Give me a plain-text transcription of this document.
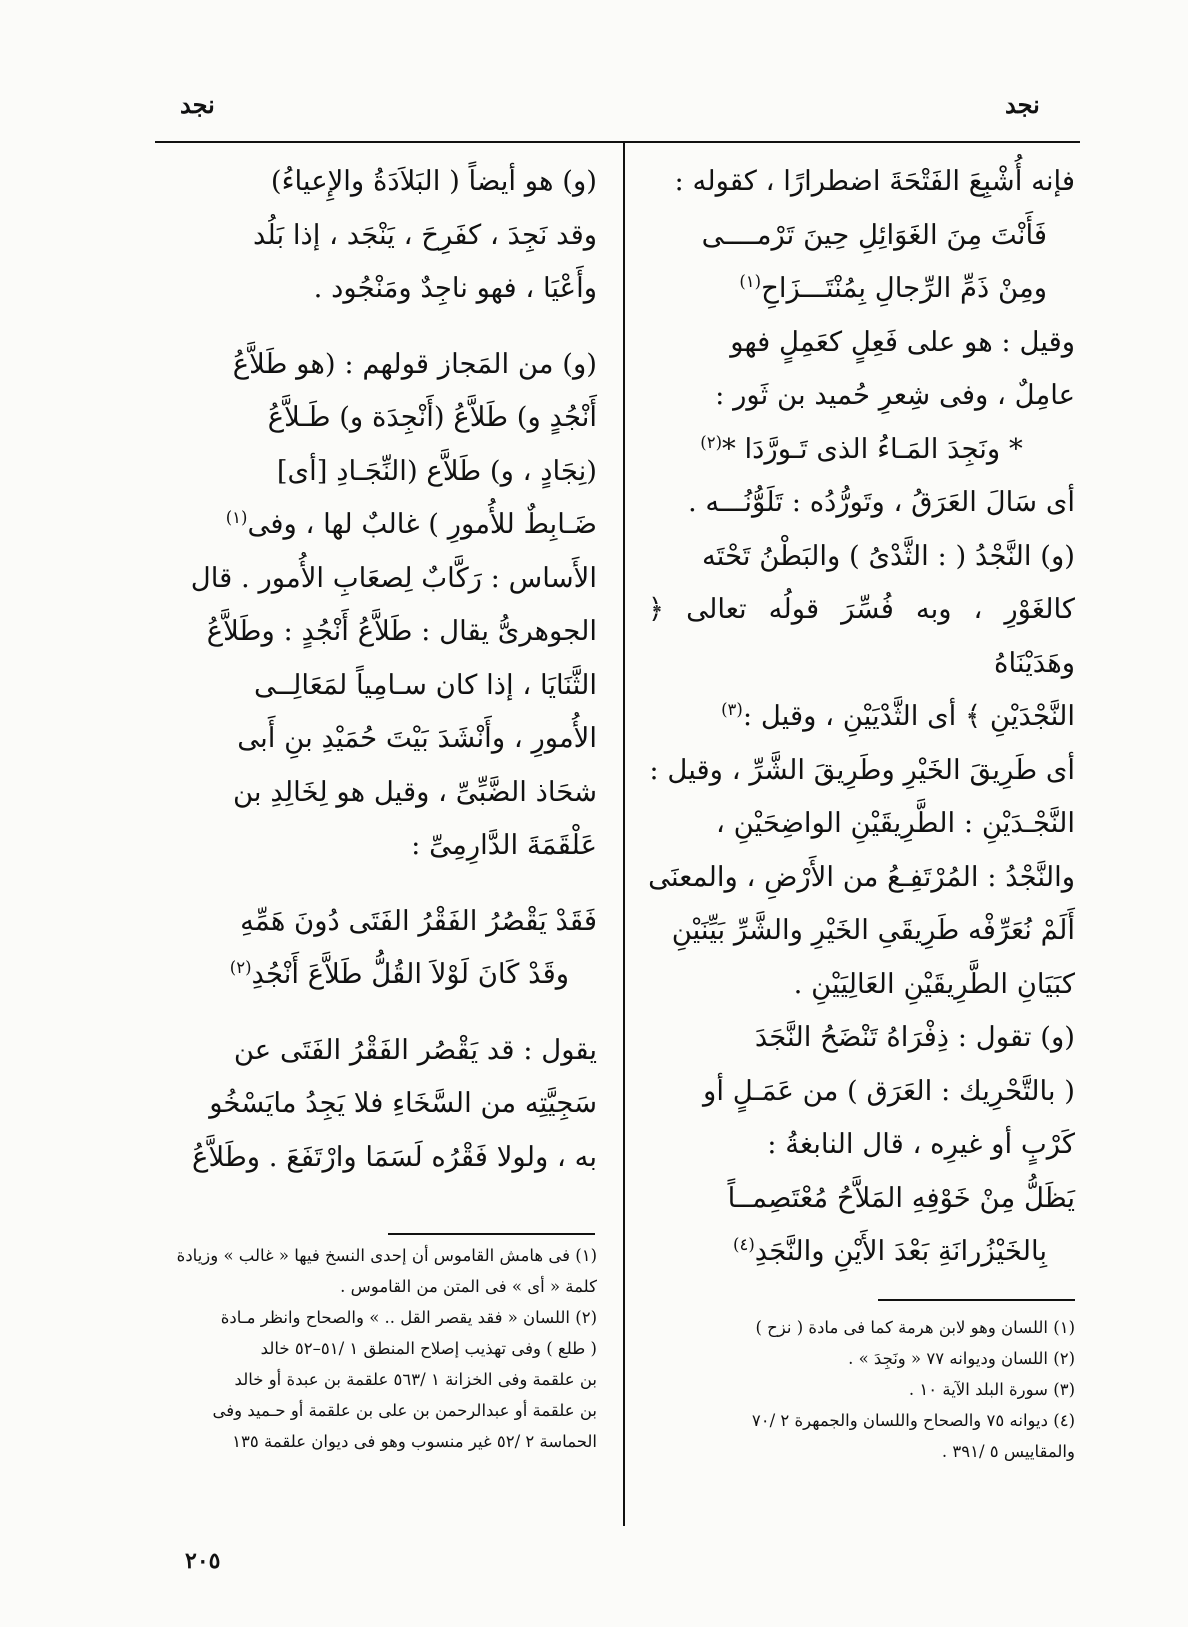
نجد
نجد

فإنه أُشْبِعَ الفَتْحَةَ اضطرارًا ، كقوله :

فَأَنْتَ مِنَ الغَوَائِلِ حِينَ تَرْمــــى

ومِنْ ذَمِّ الرِّجالِ بِمُنْتَـــزَاحِ$^{(١)}$

وقيل : هو على فَعِلٍ كعَمِلٍ فهو

عامِلٌ ، وفى شِعرِ حُميد بن ثَور :

* ونَجِدَ المَـاءُ الذى تَـورَّدَا *$^{(٢)}$

أى سَالَ العَرَقُ ، وتَورُّدُه : تَلَوُّنُـــه .

(و) النَّجْدُ ( : الثَّدْىُ ) والبَطْنُ تَحْتَه

كالغَوْرِ ، وبه فُسِّرَ قولُه تعالى ﴿ وهَدَيْنَاهُ

النَّجْدَيْنِ ﴾ أى الثَّدْيَيْنِ ، وقيل :$^{(٣)}$

أى طَرِيقَ الخَيْرِ وطَرِيقَ الشَّرِّ ، وقيل :

النَّجْـدَيْنِ : الطَّرِيقَيْنِ الواضِحَيْنِ ،

والنَّجْدُ : المُرْتَفِـعُ من الأَرْضِ ، والمعنَى

أَلَمْ نُعَرِّفْه طَرِيقَىِ الخَيْرِ والشَّرِّ بَيِّنَيْنِ

كبَيَانِ الطَّرِيقَيْنِ العَالِيَيْنِ .

(و) تقول : ذِفْرَاهُ تَنْضَحُ النَّجَدَ

( بالتَّحْرِيك : العَرَق ) من عَمَـلٍ أو

كَرْبٍ أو غيرِه ، قال النابغةُ :

يَظَلُّ مِنْ خَوْفِهِ المَلاَّحُ مُعْتَصِمــاً

بِالخَيْزُرانَةِ بَعْدَ الأَيْنِ والنَّجَدِ$^{(٤)}$

(و) هو أيضاً ( البَلاَدَةُ والإِعياءُ)

وقد نَجِدَ ، كفَرِحَ ، يَنْجَد ، إذا بَلُد

وأَعْيَا ، فهو ناجِدٌ ومَنْجُود .

(و) من المَجاز قولهم : (هو طَلاَّعُ

أَنْجُدٍ و) طَلاَّعُ (أَنْجِدَة و) طَـلاَّعُ

(نِجَادٍ ، و) طَلاَّع (النِّجَـادِ [أى]

ضَـابِطٌ للأُمورِ ) غالبٌ لها ، وفى$^{(١)}$

الأَساس : رَكَّابٌ لِصعَابِ الأُمور . قال

الجوهرىُّ يقال : طَلاَّعُ أَنْجُدٍ : وطَلاَّعُ

الثَّنَايَا ، إذا كان سـامِياً لمَعَالِــى

الأُمورِ ، وأَنْشَدَ بَيْتَ حُمَيْدِ بنِ أَبى

شحَاذ الضَّبِّىِّ ، وقيل هو لِخَالِدِ بن

عَلْقَمَةَ الدَّارِمِىِّ :

فَقَدْ يَقْصُرُ الفَقْرُ الفَتَى دُونَ هَمِّهِ

وقَدْ كَانَ لَوْلاَ القُلُّ طَلاَّعَ أَنْجُدِ$^{(٢)}$

يقول : قد يَقْصُر الفَقْرُ الفَتَى عن

سَجِيَّتِه من السَّخَاءِ فلا يَجِدُ مايَسْخُو

به ، ولولا فَقْرُه لَسَمَا وارْتَفَعَ . وطَلاَّعُ

(١) اللسان وهو لابن هرمة كما فى مادة ( نزح )

(٢) اللسان وديوانه ٧٧ « ونَجِدَ » .

(٣) سورة البلد الآية ١٠ .

(٤) ديوانه ٧٥ والصحاح واللسان والجمهرة ٢ /٧٠

والمقاييس ٥ /٣٩١ .

(١) فى هامش القاموس أن إحدى النسخ فيها « غالب » وزيادة

كلمة « أى » فى المتن من القاموس .

(٢) اللسان « فقد يقصر القل .. » والصحاح وانظر مـادة

( طلع ) وفى تهذيب إصلاح المنطق ١ /٥١–٥٢ خالد

بن علقمة وفى الخزانة ١ /٥٦٣ علقمة بن عبدة أو خالد

بن علقمة أو عبدالرحمن بن على بن علقمة أو حـميد وفى

الحماسة ٢ /٥٢ غير منسوب وهو فى ديوان علقمة ١٣٥

٢٠٥
